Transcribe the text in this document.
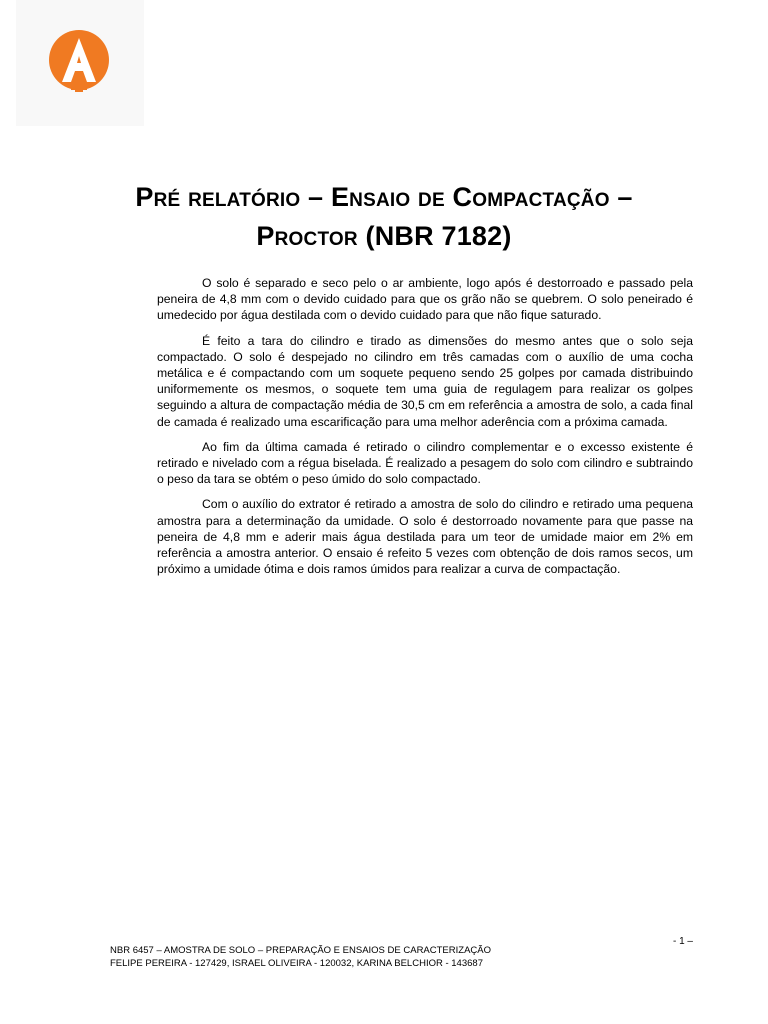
Pré relatório – Ensaio de Compactação – Proctor (NBR 7182)

O solo é separado e seco pelo o ar ambiente, logo após é destorroado e passado pela peneira de 4,8 mm com o devido cuidado para que os grão não se quebrem. O solo peneirado é umedecido por água destilada com o devido cuidado para que não fique saturado.

É feito a tara do cilindro e tirado as dimensões do mesmo antes que o solo seja compactado. O solo é despejado no cilindro em três camadas com o auxílio de uma cocha metálica e é compactando com um soquete pequeno sendo 25 golpes por camada distribuindo uniformemente os mesmos, o soquete tem uma guia de regulagem para realizar os golpes seguindo a altura de compactação média de 30,5 cm em referência a amostra de solo, a cada final de camada é realizado uma escarificação para uma melhor aderência com a próxima camada.

Ao fim da última camada é retirado o cilindro complementar e o excesso existente é retirado e nivelado com a régua biselada. É realizado a pesagem do solo com cilindro e subtraindo o peso da tara se obtém o peso úmido do solo compactado.

Com o auxílio do extrator é retirado a amostra de solo do cilindro e retirado uma pequena amostra para a determinação da umidade. O solo é destorroado novamente para que passe na peneira de 4,8 mm e aderir mais água destilada para um teor de umidade maior em 2% em referência a amostra anterior. O ensaio é refeito 5 vezes com obtenção de dois ramos secos, um próximo a umidade ótima e dois ramos úmidos para realizar a curva de compactação.

- 1 –
NBR 6457 – AMOSTRA DE SOLO – PREPARAÇÃO E ENSAIOS DE CARACTERIZAÇÃO
FELIPE PEREIRA - 127429, ISRAEL OLIVEIRA - 120032, KARINA BELCHIOR - 143687
